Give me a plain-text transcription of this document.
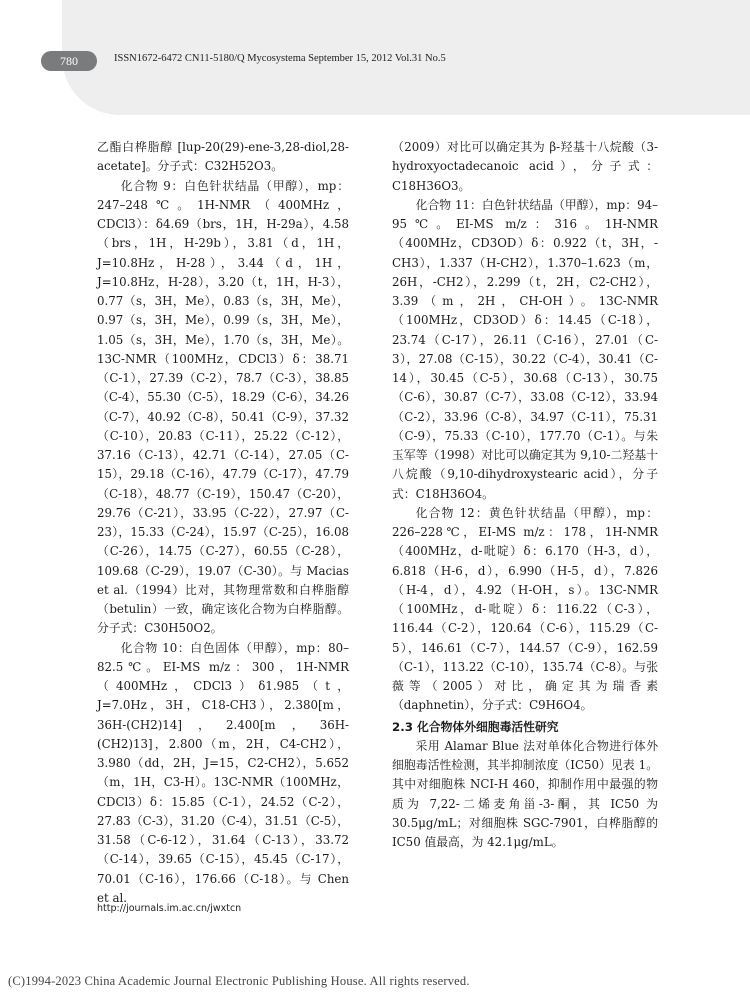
780	ISSN1672-6472 CN11-5180/Q Mycosystema September 15, 2012 Vol.31 No.5

乙酯白桦脂醇 [lup-20(29)-ene-3,28-diol,28-acetate]。分子式：C32H52O3。

化合物 9：白色针状结晶（甲醇），mp：247–248℃。1H-NMR（400MHz，CDCl3）：δ4.69（brs，1H，H-29a），4.58（brs，1H，H-29b），3.81（d，1H，J=10.8Hz，H-28），3.44（d，1H，J=10.8Hz，H-28），3.20（t，1H，H-3），0.77（s，3H，Me），0.83（s，3H，Me），0.97（s，3H，Me），0.99（s，3H，Me），1.05（s，3H，Me），1.70（s，3H，Me）。13C-NMR（100MHz，CDCl3）δ：38.71（C-1），27.39（C-2），78.7（C-3），38.85（C-4），55.30（C-5），18.29（C-6），34.26（C-7），40.92（C-8），50.41（C-9），37.32（C-10），20.83（C-11），25.22（C-12），37.16（C-13），42.71（C-14），27.05（C-15），29.18（C-16），47.79（C-17），47.79（C-18），48.77（C-19），150.47（C-20），29.76（C-21），33.95（C-22），27.97（C-23），15.33（C-24），15.97（C-25），16.08（C-26），14.75（C-27），60.55（C-28），109.68（C-29），19.07（C-30）。与 Macias et al.（1994）比对，其物理常数和白桦脂醇（betulin）一致，确定该化合物为白桦脂醇。分子式：C30H50O2。

化合物 10：白色固体（甲醇），mp：80–82.5℃。EI-MS m/z：300，1H-NMR（400MHz，CDCl3）δ1.985（t，J=7.0Hz，3H，C18-CH3），2.380[m，36H-(CH2)14]，2.400[m，36H-(CH2)13]，2.800（m，2H，C4-CH2），3.980（dd，2H，J=15，C2-CH2），5.652（m，1H，C3-H）。13C-NMR（100MHz，CDCl3）δ：15.85（C-1），24.52（C-2），27.83（C-3），31.20（C-4），31.51（C-5），31.58（C-6-12），31.64（C-13），33.72（C-14），39.65（C-15），45.45（C-17），70.01（C-16），176.66（C-18）。与 Chen et al.

（2009）对比可以确定其为 β-羟基十八烷酸（3-hydroxyoctadecanoic acid），分子式：C18H36O3。

化合物 11：白色针状结晶（甲醇），mp：94–95℃。EI-MS m/z：316。1H-NMR（400MHz，CD3OD）δ：0.922（t，3H，-CH3），1.337（H-CH2），1.370–1.623（m，26H，-CH2），2.299（t，2H，C2-CH2），3.39（m，2H，CH-OH）。13C-NMR（100MHz，CD3OD）δ：14.45（C-18），23.74（C-17），26.11（C-16），27.01（C-3），27.08（C-15），30.22（C-4），30.41（C-14），30.45（C-5），30.68（C-13），30.75（C-6），30.87（C-7），33.08（C-12），33.94（C-2），33.96（C-8），34.97（C-11），75.31（C-9），75.33（C-10），177.70（C-1）。与朱玉军等（1998）对比可以确定其为 9,10-二羟基十八烷酸（9,10-dihydroxystearic acid），分子式：C18H36O4。

化合物 12：黄色针状结晶（甲醇），mp：226–228℃，EI-MS m/z：178，1H-NMR（400MHz，d-吡啶）δ：6.170（H-3，d），6.818（H-6，d），6.990（H-5，d），7.826（H-4，d），4.92（H-OH，s）。13C-NMR（100MHz，d-吡啶）δ：116.22（C-3），116.44（C-2），120.64（C-6），115.29（C-5），146.61（C-7），144.57（C-9），162.59（C-1），113.22（C-10），135.74（C-8）。与张薇等（2005）对比，确定其为瑞香素（daphnetin），分子式：C9H6O4。

2.3 化合物体外细胞毒活性研究

采用 Alamar Blue 法对单体化合物进行体外细胞毒活性检测，其半抑制浓度（IC50）见表 1。其中对细胞株 NCI-H 460，抑制作用中最强的物质为 7,22-二烯麦角甾-3-酮，其 IC50 为 30.5μg/mL；对细胞株 SGC-7901，白桦脂醇的 IC50 值最高，为 42.1μg/mL。

http://journals.im.ac.cn/jwxtcn
(C)1994-2023 China Academic Journal Electronic Publishing House. All rights reserved.
